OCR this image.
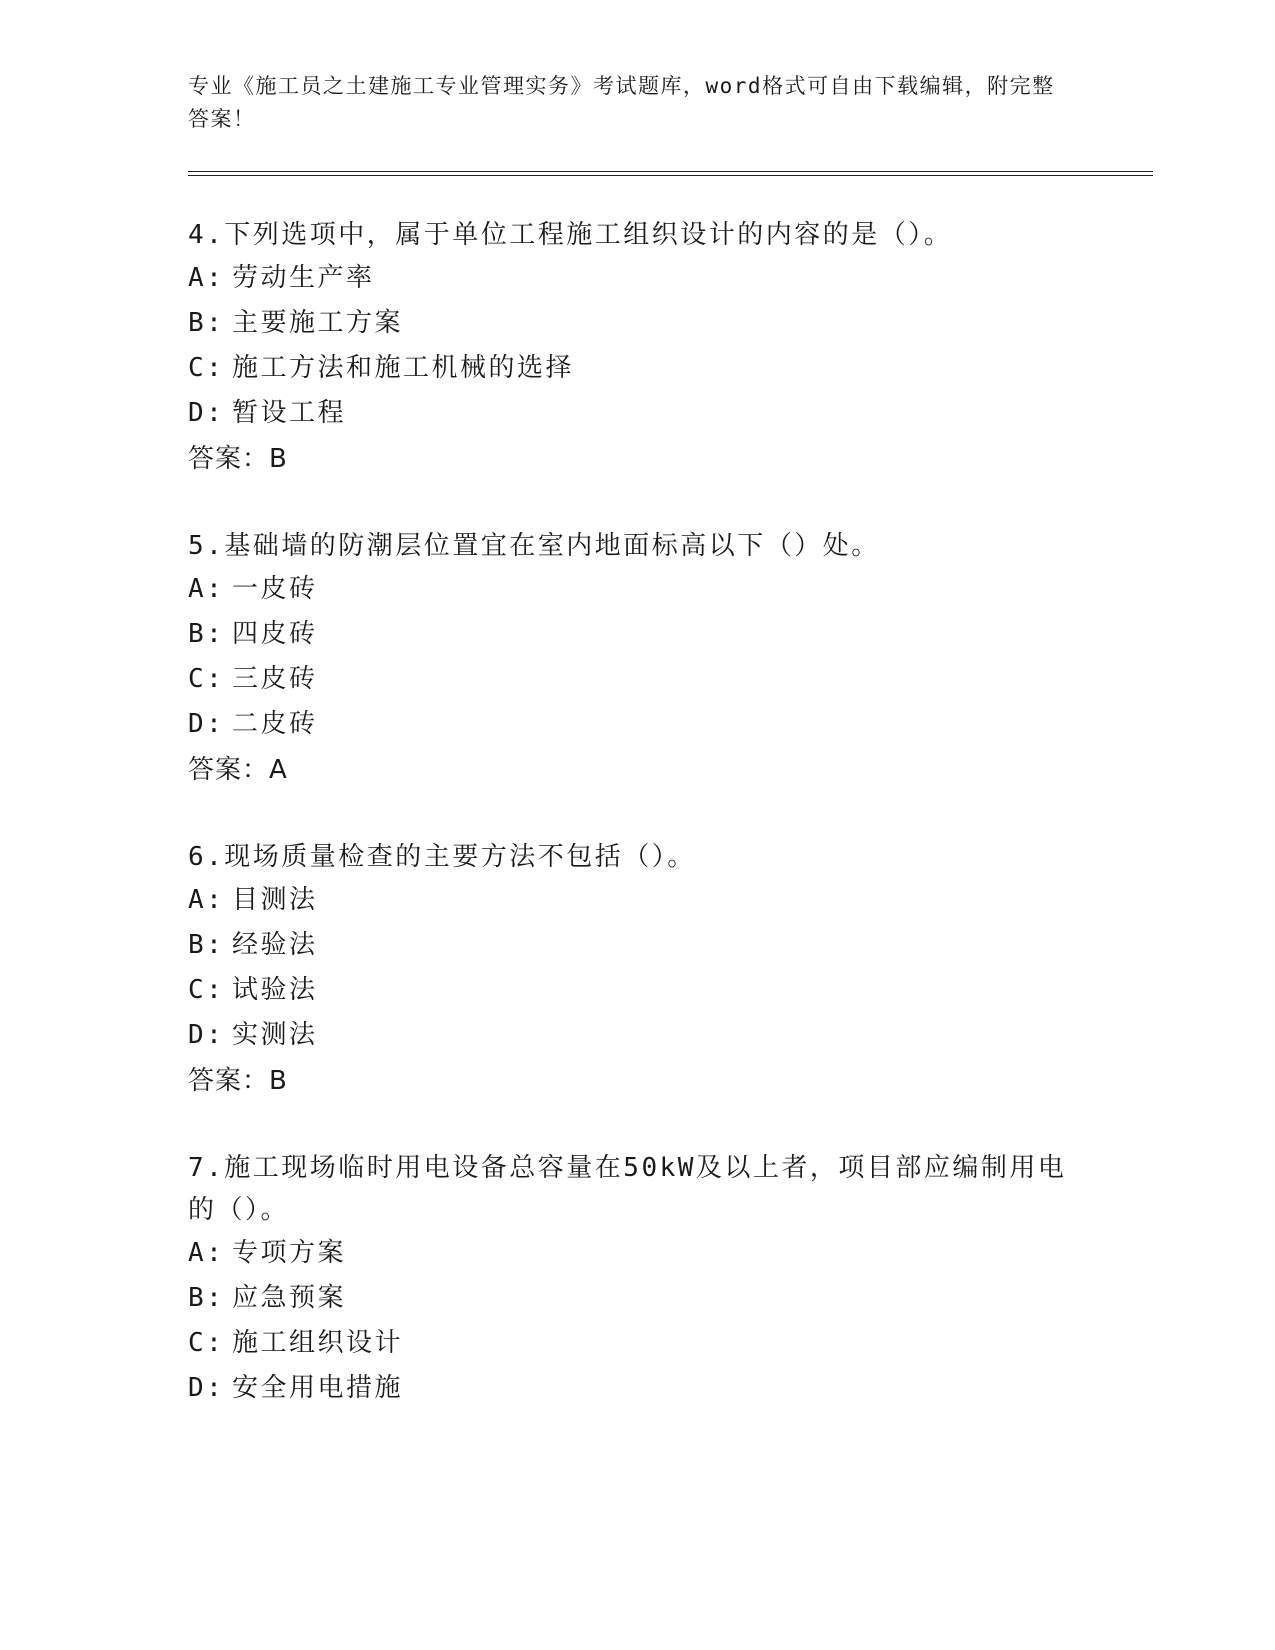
专业《施工员之土建施工专业管理实务》考试题库，word格式可自由下载编辑，附完整答案！

4.下列选项中，属于单位工程施工组织设计的内容的是（）。

A: 劳动生产率

B: 主要施工方案

C: 施工方法和施工机械的选择

D: 暂设工程

答案：B

5.基础墙的防潮层位置宜在室内地面标高以下（）处。

A: 一皮砖

B: 四皮砖

C: 三皮砖

D: 二皮砖

答案：A

6.现场质量检查的主要方法不包括（）。

A: 目测法

B: 经验法

C: 试验法

D: 实测法

答案：B

7.施工现场临时用电设备总容量在50kW及以上者，项目部应编制用电的（）。

A: 专项方案

B: 应急预案

C: 施工组织设计

D: 安全用电措施
